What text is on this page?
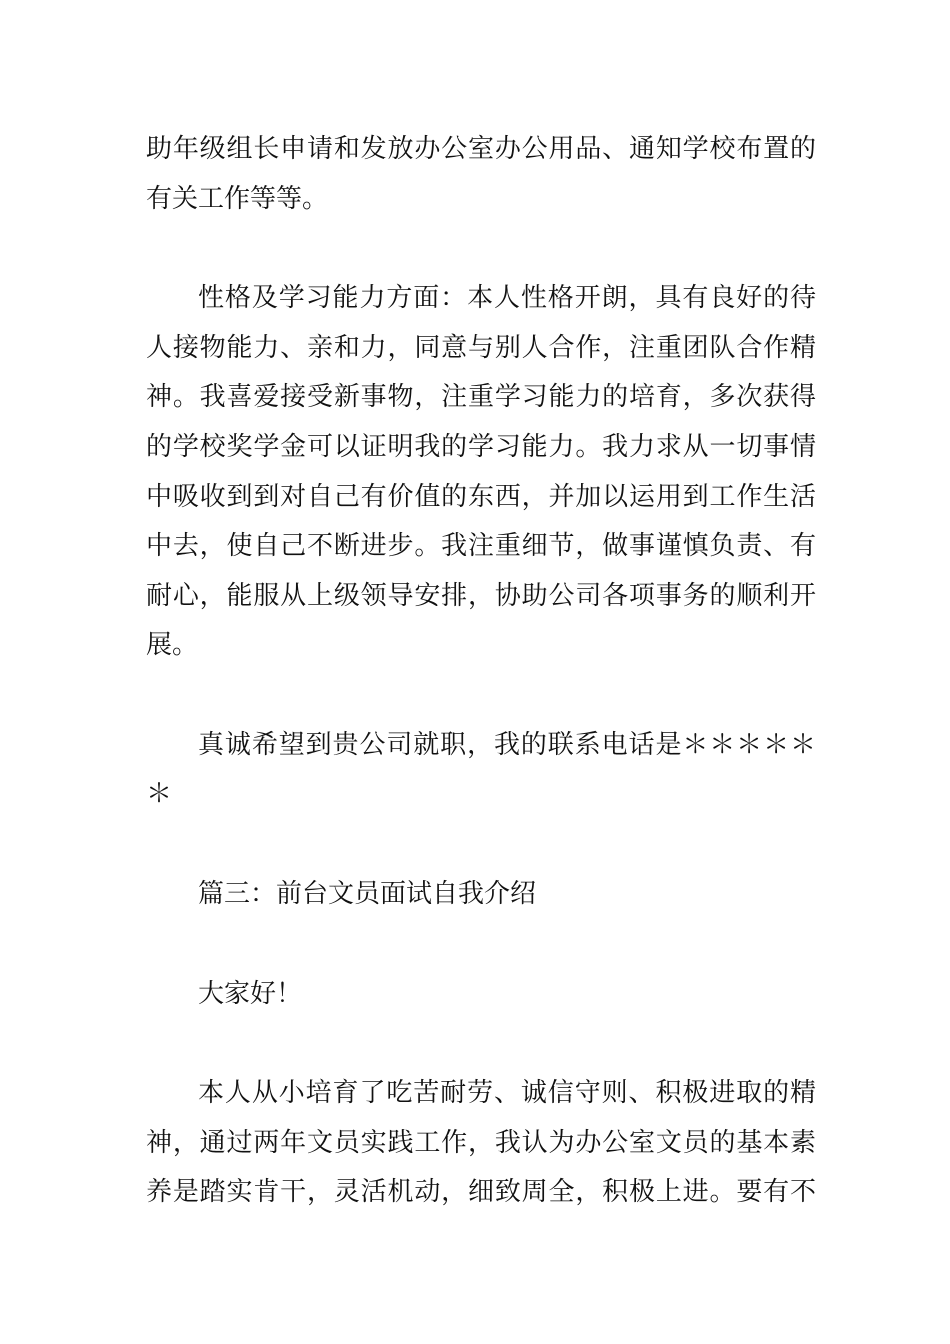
助年级组长申请和发放办公室办公用品、通知学校布置的
有关工作等等。
性格及学习能力方面：本人性格开朗，具有良好的待
人接物能力、亲和力，同意与别人合作，注重团队合作精
神。我喜爱接受新事物，注重学习能力的培育，多次获得
的学校奖学金可以证明我的学习能力。我力求从一切事情
中吸收到到对自己有价值的东西，并加以运用到工作生活
中去，使自己不断进步。我注重细节，做事谨慎负责、有
耐心，能服从上级领导安排，协助公司各项事务的顺利开
展。
真诚希望到贵公司就职，我的联系电话是＊＊＊＊＊
＊
篇三：前台文员面试自我介绍
大家好！
本人从小培育了吃苦耐劳、诚信守则、积极进取的精
神，通过两年文员实践工作，我认为办公室文员的基本素
养是踏实肯干，灵活机动，细致周全，积极上进。要有不
